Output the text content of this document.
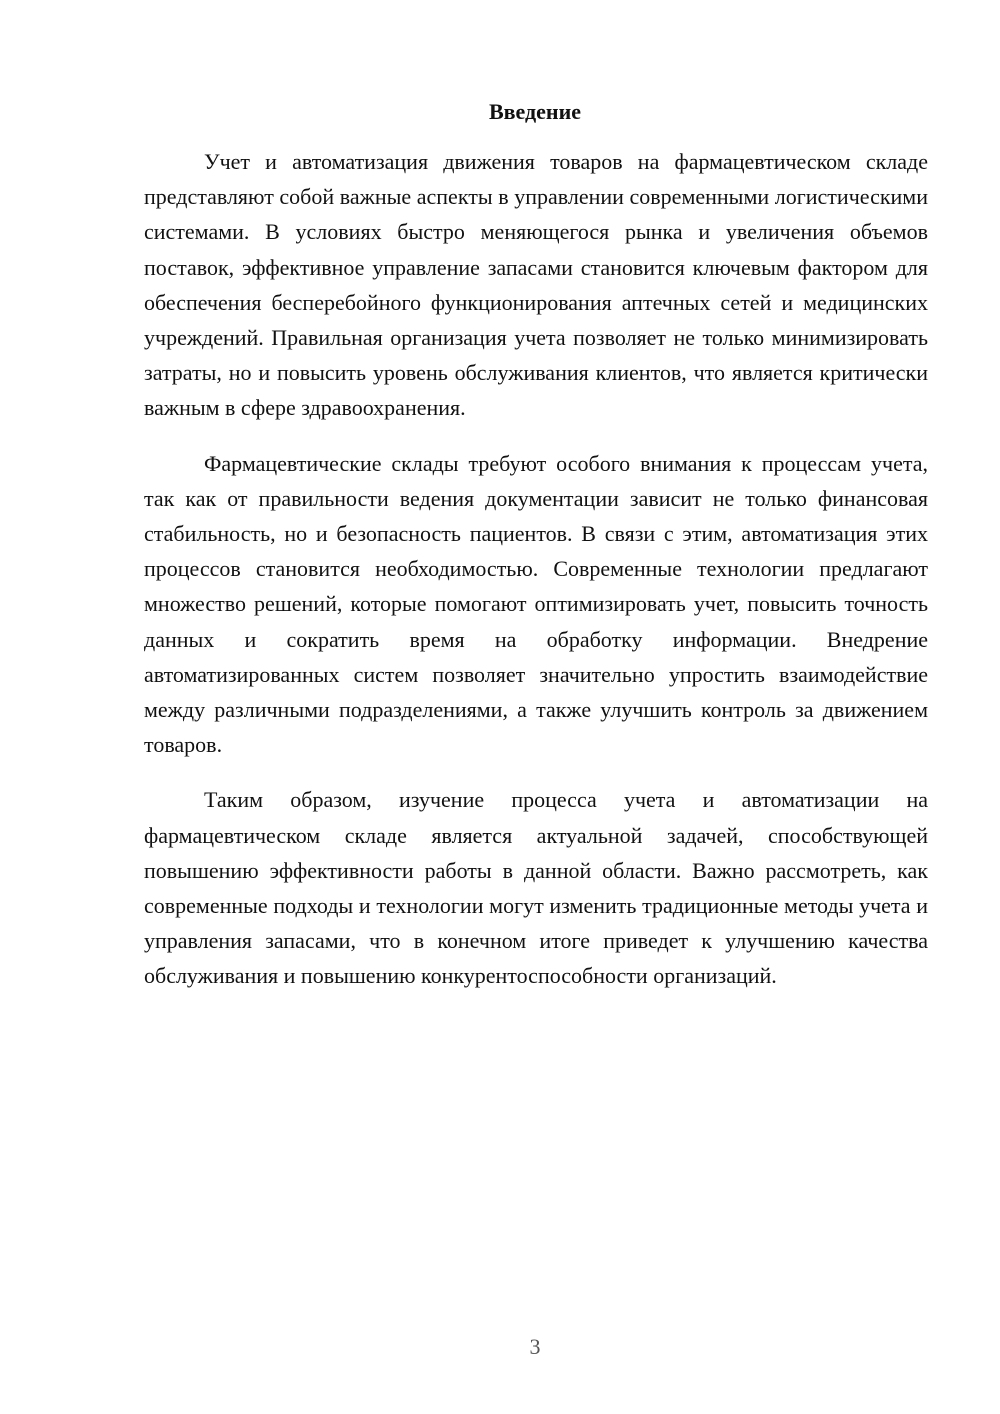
Введение

Учет и автоматизация движения товаров на фармацевтическом складе представляют собой важные аспекты в управлении современными логистическими системами. В условиях быстро меняющегося рынка и увеличения объемов поставок, эффективное управление запасами становится ключевым фактором для обеспечения бесперебойного функционирования аптечных сетей и медицинских учреждений. Правильная организация учета позволяет не только минимизировать затраты, но и повысить уровень обслуживания клиентов, что является критически важным в сфере здравоохранения.

Фармацевтические склады требуют особого внимания к процессам учета, так как от правильности ведения документации зависит не только финансовая стабильность, но и безопасность пациентов. В связи с этим, автоматизация этих процессов становится необходимостью. Современные технологии предлагают множество решений, которые помогают оптимизировать учет, повысить точность данных и сократить время на обработку информации. Внедрение автоматизированных систем позволяет значительно упростить взаимодействие между различными подразделениями, а также улучшить контроль за движением товаров.

Таким образом, изучение процесса учета и автоматизации на фармацевтическом складе является актуальной задачей, способствующей повышению эффективности работы в данной области. Важно рассмотреть, как современные подходы и технологии могут изменить традиционные методы учета и управления запасами, что в конечном итоге приведет к улучшению качества обслуживания и повышению конкурентоспособности организаций.

3
